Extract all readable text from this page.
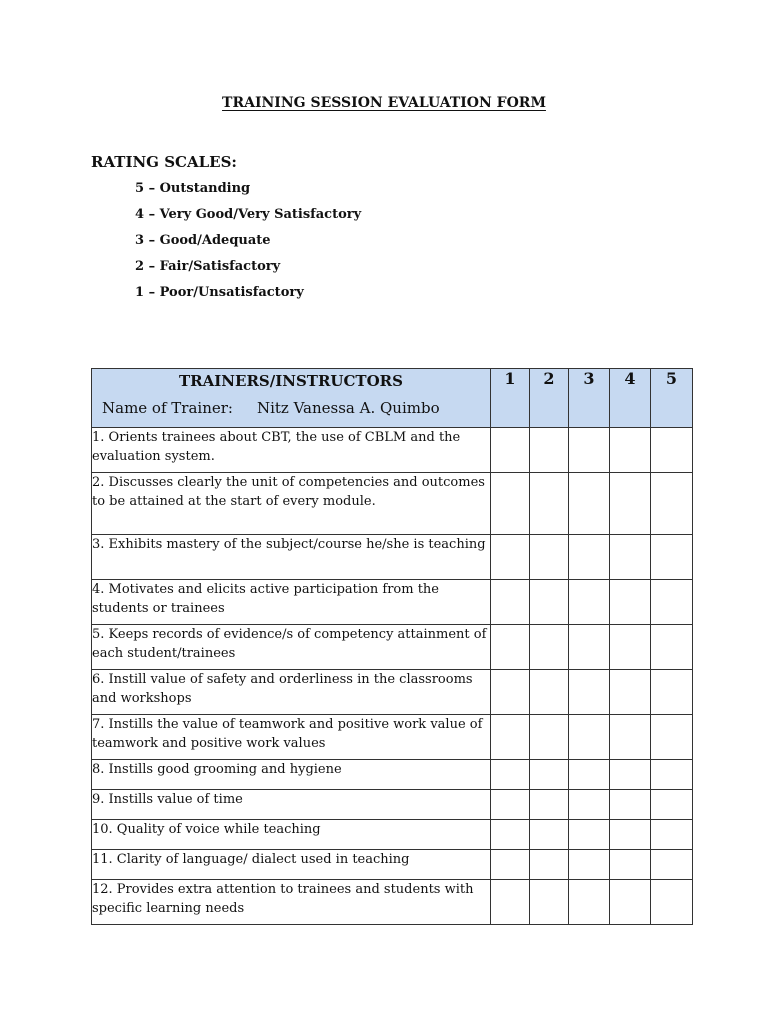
TRAINING SESSION EVALUATION FORM
RATING SCALES:
5 – Outstanding
4 – Very Good/Very Satisfactory
3 – Good/Adequate
2 – Fair/Satisfactory
1 – Poor/Unsatisfactory
TRAINERS/INSTRUCTORS
Name of Trainer: Nitz Vanessa A. Quimbo	1	2	3	4	5
1. Orients trainees about CBT, the use of CBLM and the evaluation system.					
2. Discusses clearly the unit of competencies and outcomes to be attained at the start of every module.					
3. Exhibits mastery of the subject/course he/she is teaching					
4. Motivates and elicits active participation from the students or trainees					
5. Keeps records of evidence/s of competency attainment of each student/trainees					
6. Instill value of safety and orderliness in the classrooms and workshops					
7. Instills the value of teamwork and positive work value of teamwork and positive work values					
8. Instills good grooming and hygiene					
9. Instills value of time					
10. Quality of voice while teaching					
11. Clarity of language/ dialect used in teaching					
12. Provides extra attention to trainees and students with specific learning needs					
